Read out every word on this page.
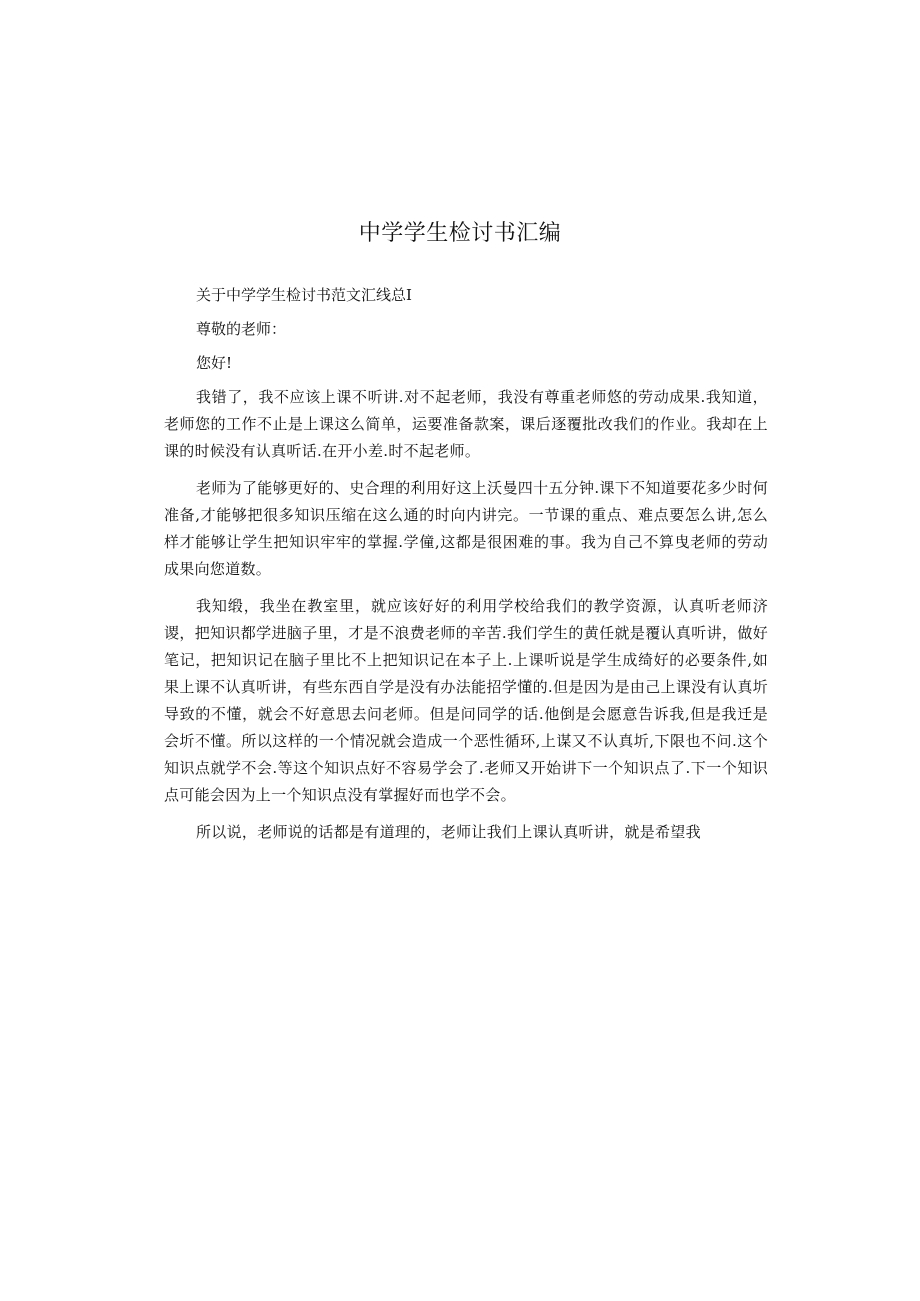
中学学生检讨书汇编

关于中学学生检讨书范文汇线总I

尊敬的老师：

您好!

我错了，我不应该上课不听讲.对不起老师，我没有尊重老师悠的劳动成果.我知道，老师您的工作不止是上课这么简单，运要准备款案，课后逐覆批改我们的作业。我却在上课的时候没有认真听话.在开小差.时不起老师。

老师为了能够更好的、史合理的利用好这上沃曼四十五分钟.课下不知道要花多少时何准备,才能够把很多知识压缩在这么通的时向内讲完。一节课的重点、难点要怎么讲,怎么样才能够让学生把知识牢牢的掌握.学僮,这都是很困难的事。我为自己不算曳老师的劳动成果向您道数。

我知缎，我坐在教室里，就应该好好的利用学校给我们的教学资源，认真听老师济谡，把知识都学进脑子里，才是不浪费老师的辛苦.我们学生的黄任就是覆认真听讲，做好笔记，把知识记在脑子里比不上把知识记在本子上.上课听说是学生成绮好的必要条件,如果上课不认真听讲，有些东西自学是没有办法能招学懂的.但是因为是由己上课没有认真圻导致的不懂，就会不好意思去问老师。但是问同学的话.他倒是会愿意告诉我,但是我迁是会圻不懂。所以这样的一个情况就会造成一个恶性循环,上谋又不认真圻,下限也不问.这个知识点就学不会.等这个知识点好不容易学会了.老师又开始讲下一个知识点了.下一个知识点可能会因为上一个知识点没有掌握好而也学不会。

所以说，老师说的话都是有道理的，老师让我们上课认真听讲，就是希望我
